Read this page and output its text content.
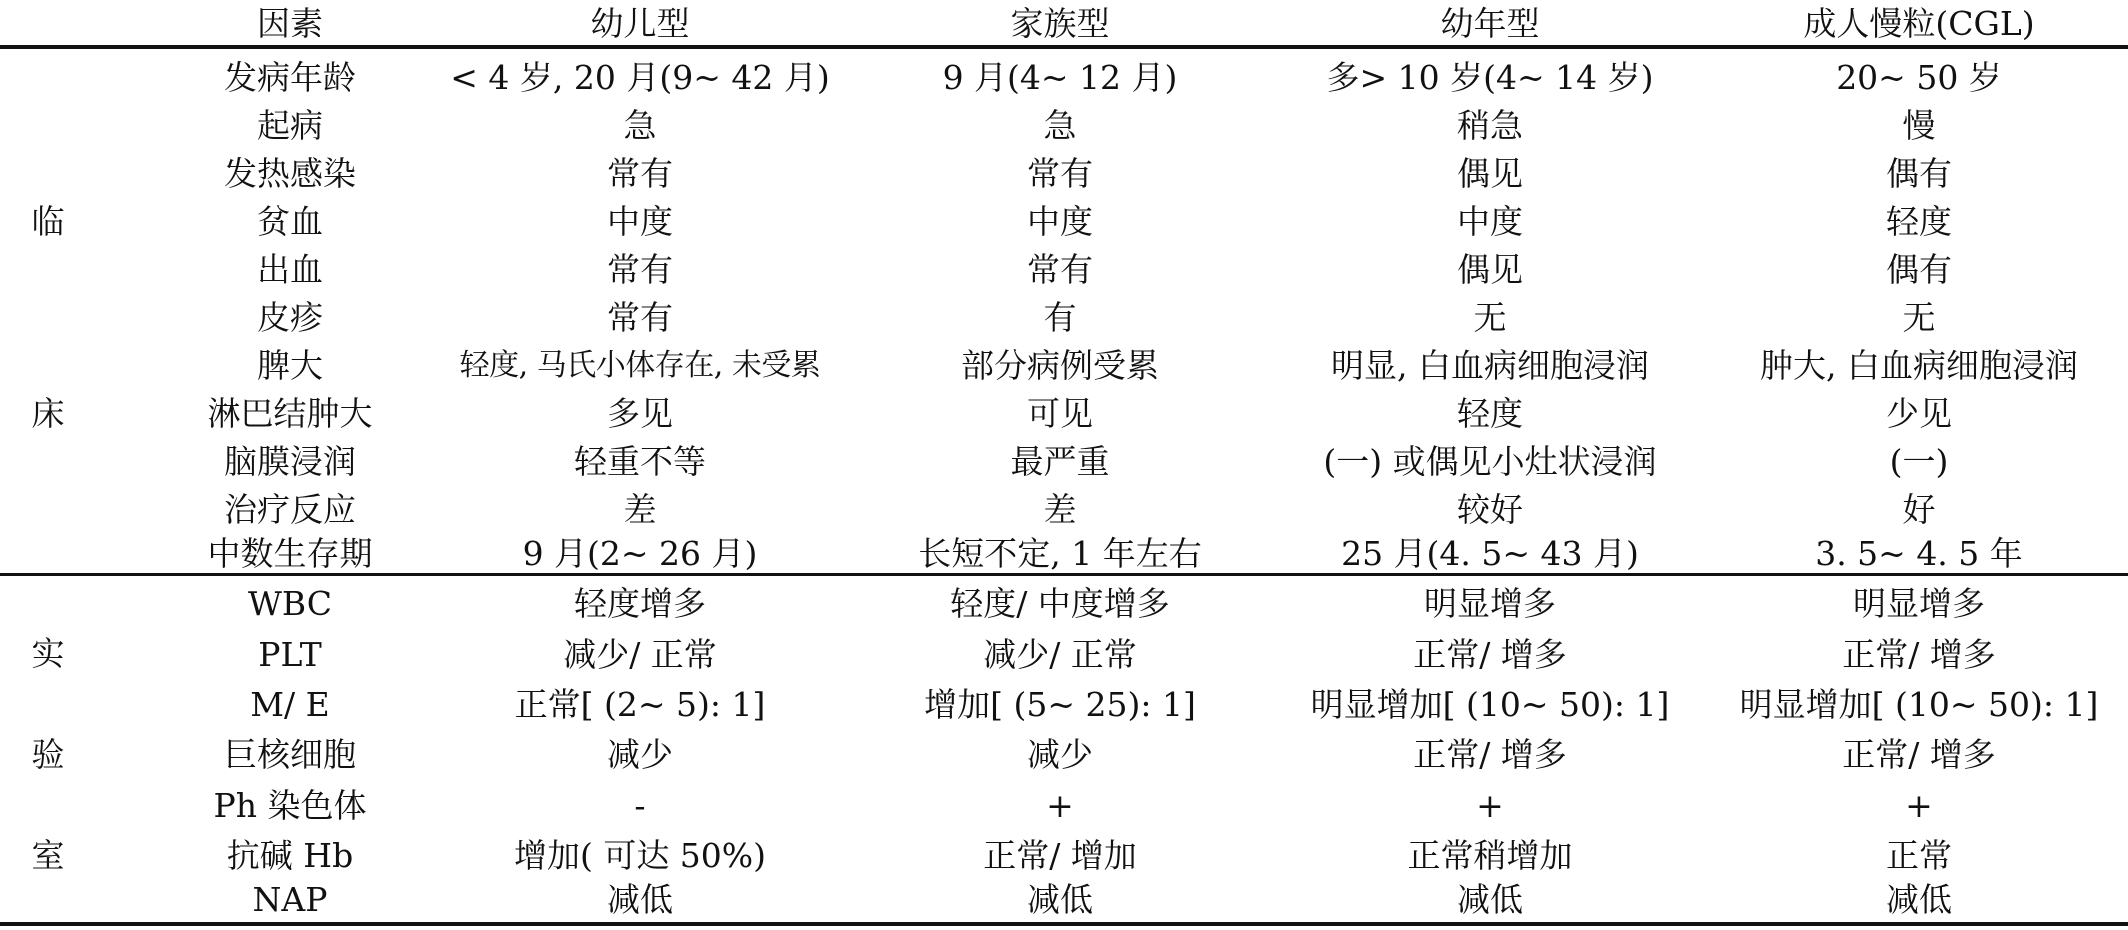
因素	幼儿型	家族型	幼年型	成人慢粒(CGL)
临
床
发病年龄	< 4 岁, 20 月(9~ 42 月)	9 月(4~ 12 月)	多> 10 岁(4~ 14 岁)	20~ 50 岁
起病	急	急	稍急	慢
发热感染	常有	常有	偶见	偶有
贫血	中度	中度	中度	轻度
出血	常有	常有	偶见	偶有
皮疹	常有	有	无	无
脾大	轻度, 马氏小体存在, 未受累	部分病例受累	明显, 白血病细胞浸润	肿大, 白血病细胞浸润
淋巴结肿大	多见	可见	轻度	少见
脑膜浸润	轻重不等	最严重	(一) 或偶见小灶状浸润	(一)
治疗反应	差	差	较好	好
中数生存期	9 月(2~ 26 月)	长短不定, 1 年左右	25 月(4. 5~ 43 月)	3. 5~ 4. 5 年
实
验
室
WBC	轻度增多	轻度/ 中度增多	明显增多	明显增多
PLT	减少/ 正常	减少/ 正常	正常/ 增多	正常/ 增多
M/ E	正常[ (2~ 5): 1]	增加[ (5~ 25): 1]	明显增加[ (10~ 50): 1]	明显增加[ (10~ 50): 1]
巨核细胞	减少	减少	正常/ 增多	正常/ 增多
Ph 染色体	-	+	+	+
抗碱 Hb	增加( 可达 50%)	正常/ 增加	正常稍增加	正常
NAP	减低	减低	减低	减低
